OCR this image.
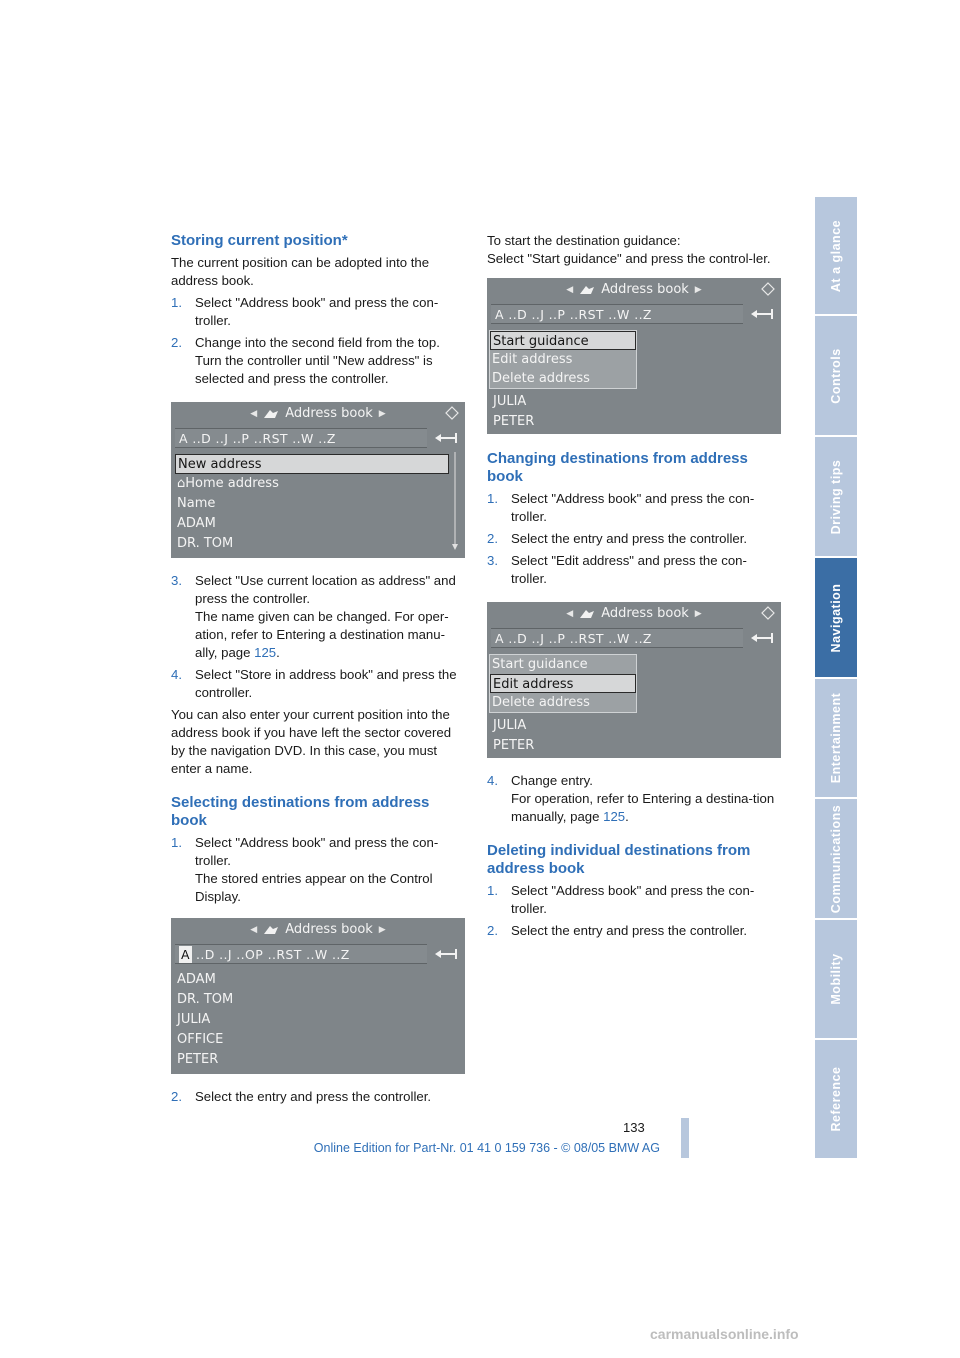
Storing current position*

The current position can be adopted into the address book.

1. Select "Address book" and press the con-troller.
2. Change into the second field from the top. Turn the controller until "New address" is selected and press the controller.
◀ Address book ▶
A ..D ..J ..P ..RST ..W ..Z
New address
⌂Home address
Name
ADAM
DR. TOM
3. Select "Use current location as address" and press the controller.
The name given can be changed. For oper-ation, refer to Entering a destination manu-ally, page 125.
4. Select "Store in address book" and press the controller.

You can also enter your current position into the address book if you have left the sector covered by the navigation DVD. In this case, you must enter a name.

Selecting destinations from address book
1. Select "Address book" and press the con-troller.
The stored entries appear on the Control Display.
◀ Address book ▶
A ..D ..J ..OP ..RST ..W ..Z
ADAM
DR. TOM
JULIA
OFFICE
PETER
2. Select the entry and press the controller.

To start the destination guidance:

Select "Start guidance" and press the control-ler.

◀ Address book ▶
A ..D ..J ..P ..RST ..W ..Z
Start guidance
Edit address
Delete address
JULIA
PETER
Changing destinations from address book
1. Select "Address book" and press the con-troller.
2. Select the entry and press the controller.
3. Select "Edit address" and press the con-troller.
◀ Address book ▶
A ..D ..J ..P ..RST ..W ..Z
Start guidance
Edit address
Delete address
JULIA
PETER
4. Change entry.
For operation, refer to Entering a destina-tion manually, page 125.
Deleting individual destinations from address book
1. Select "Address book" and press the con-troller.
2. Select the entry and press the controller.
At a glance
Controls
Driving tips
Navigation
Entertainment
Communications
Mobility
Reference
133
Online Edition for Part-Nr. 01 41 0 159 736 - © 08/05 BMW AG
carmanualsonline.info
